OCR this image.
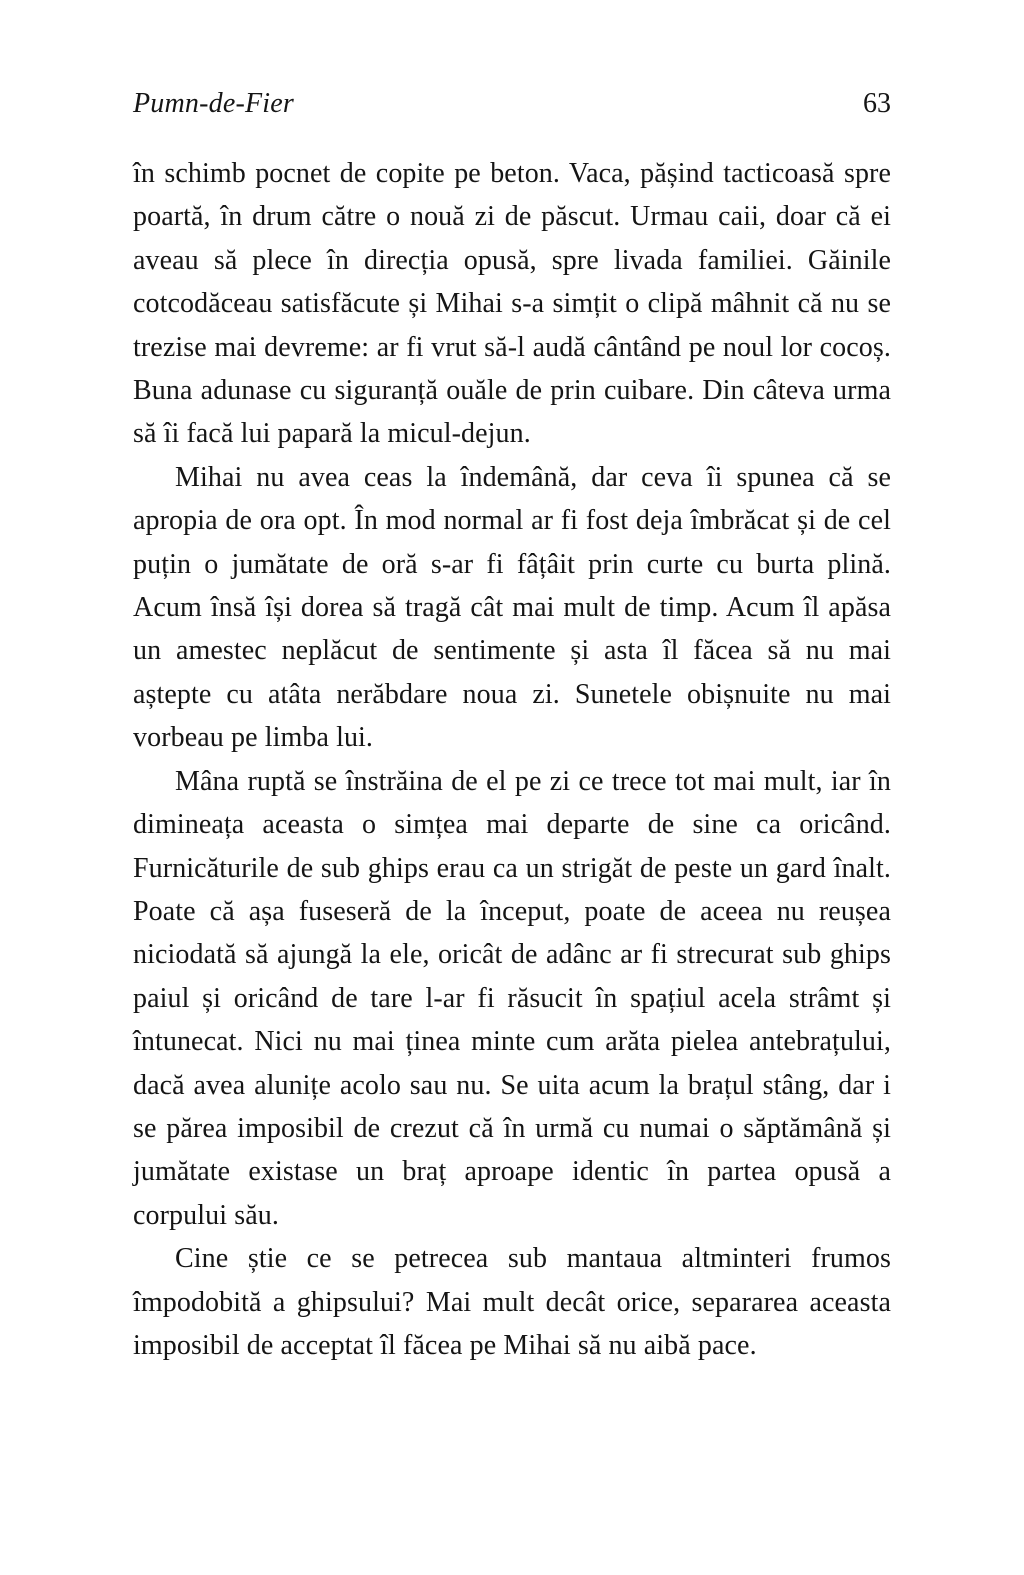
Pumn-de-Fier	63

în schimb pocnet de copite pe beton. Vaca, pășind tacticoasă spre poartă, în drum către o nouă zi de păscut. Urmau caii, doar că ei aveau să plece în direcția opusă, spre livada familiei. Găinile cotcodăceau satisfăcute și Mihai s-a simțit o clipă mâhnit că nu se trezise mai devreme: ar fi vrut să-l audă cântând pe noul lor cocoș. Buna adunase cu siguranță ouăle de prin cuibare. Din câteva urma să îi facă lui papară la micul-dejun.

Mihai nu avea ceas la îndemână, dar ceva îi spunea că se apropia de ora opt. În mod normal ar fi fost deja îmbrăcat și de cel puțin o jumătate de oră s-ar fi fâțâit prin curte cu burta plină. Acum însă își dorea să tragă cât mai mult de timp. Acum îl apăsa un amestec neplăcut de sentimente și asta îl făcea să nu mai aștepte cu atâta nerăbdare noua zi. Sunetele obișnuite nu mai vorbeau pe limba lui.

Mâna ruptă se înstrăina de el pe zi ce trece tot mai mult, iar în dimineața aceasta o simțea mai departe de sine ca oricând. Furnicăturile de sub ghips erau ca un strigăt de peste un gard înalt. Poate că așa fuseseră de la început, poate de aceea nu reușea niciodată să ajungă la ele, oricât de adânc ar fi strecurat sub ghips paiul și oricând de tare l-ar fi răsucit în spațiul acela strâmt și întunecat. Nici nu mai ținea minte cum arăta pielea antebrațului, dacă avea alunițe acolo sau nu. Se uita acum la brațul stâng, dar i se părea imposibil de crezut că în urmă cu numai o săptămână și jumătate existase un braț aproape identic în partea opusă a corpului său.

Cine știe ce se petrecea sub mantaua altminteri frumos împodobită a ghipsului? Mai mult decât orice, separarea aceasta imposibil de acceptat îl făcea pe Mihai să nu aibă pace.
